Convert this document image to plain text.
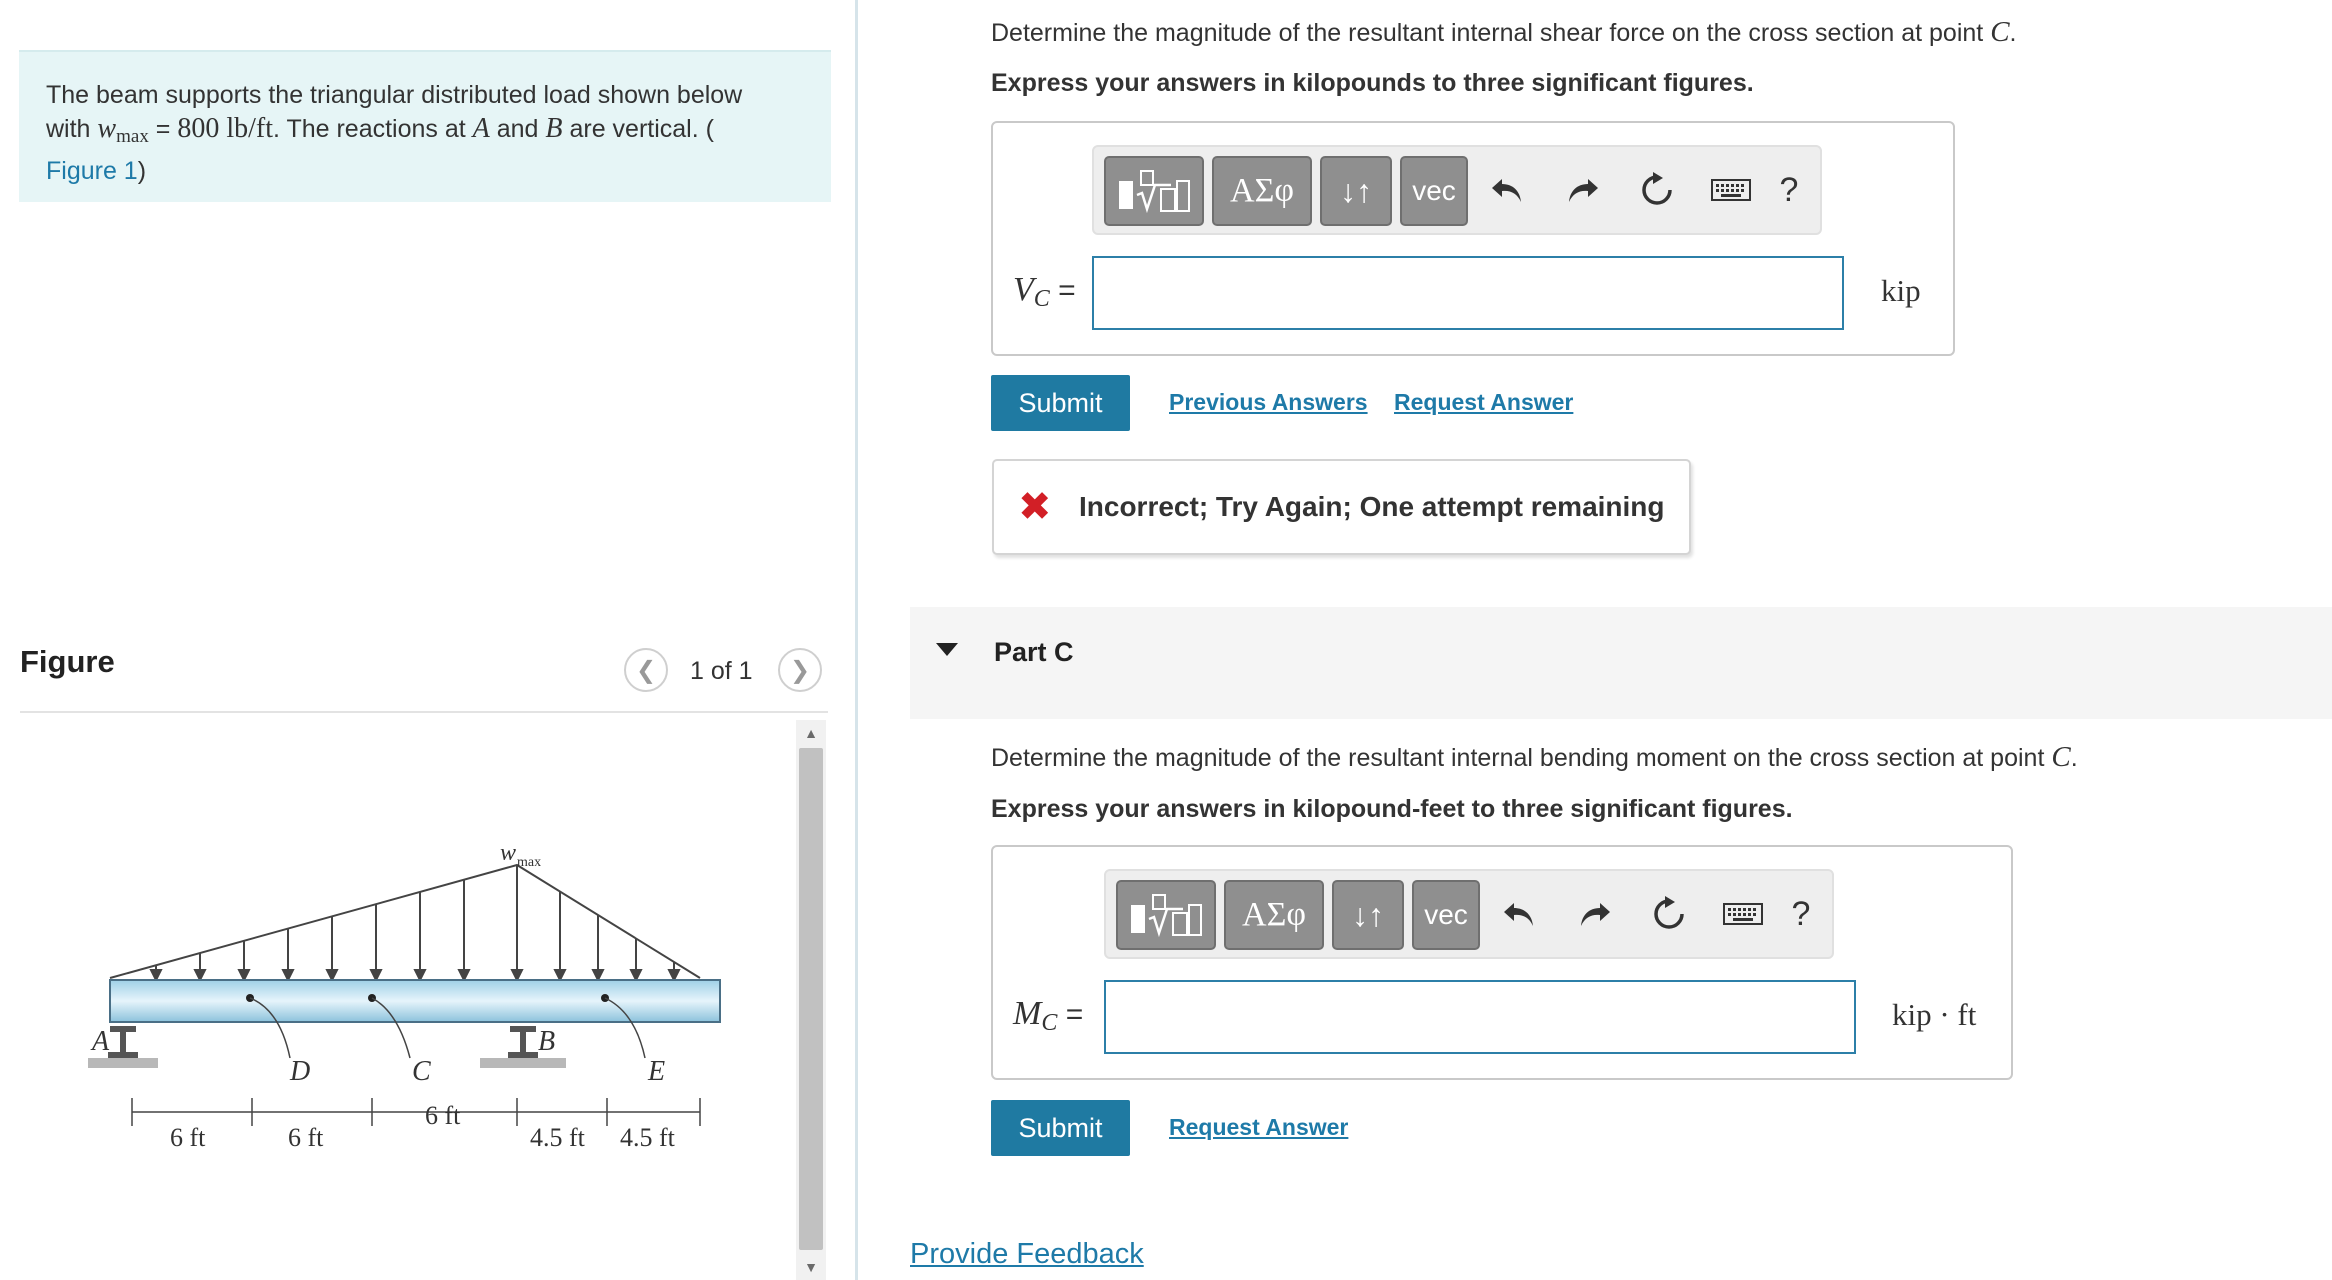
The beam supports the triangular distributed load shown below
with $w_{max} = 800$ lb/ft. The reactions at A and B are vertical. (
Figure 1)
Figure	❮ 1 of 1 ❯
w max
A	B
D	C	E
6 ft	6 ft
6 ft
4.5 ft 4.5 ft
▲
▼
Determine the magnitude of the resultant internal shear force on the cross section at point C.
Express your answers in kilopounds to three significant figures.
ΑΣφ	↓↑	vec	?
$V_C$ =	kip
Submit	Previous Answers Request Answer
✖ Incorrect; Try Again; One attempt remaining
Part C
Determine the magnitude of the resultant internal bending moment on the cross section at point C.
Express your answers in kilopound-feet to three significant figures.
ΑΣφ	↓↑	vec	?
$M_C$ =	kip · ft
Submit	Request Answer
Provide Feedback
